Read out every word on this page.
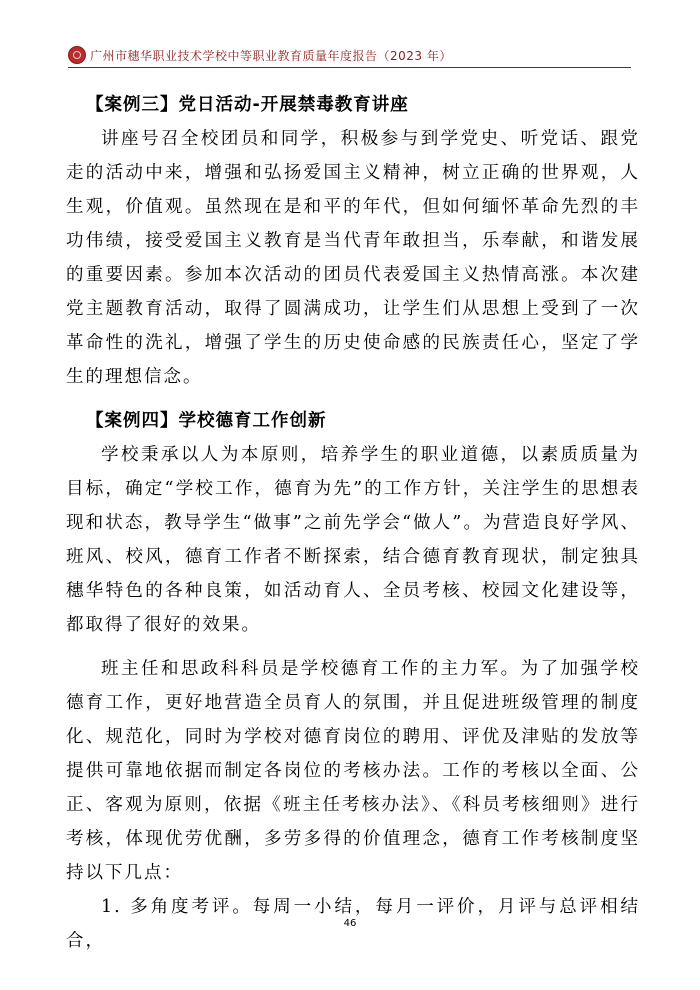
广州市穗华职业技术学校中等职业教育质量年度报告（2023 年）

【案例三】党日活动-开展禁毒教育讲座

讲座号召全校团员和同学，积极参与到学党史、听党话、跟党走的活动中来，增强和弘扬爱国主义精神，树立正确的世界观，人生观，价值观。虽然现在是和平的年代，但如何缅怀革命先烈的丰功伟绩，接受爱国主义教育是当代青年敢担当，乐奉献，和谐发展的重要因素。参加本次活动的团员代表爱国主义热情高涨。本次建党主题教育活动，取得了圆满成功，让学生们从思想上受到了一次革命性的洗礼，增强了学生的历史使命感的民族责任心，坚定了学生的理想信念。

【案例四】学校德育工作创新

学校秉承以人为本原则，培养学生的职业道德，以素质质量为目标，确定“学校工作，德育为先”的工作方针，关注学生的思想表现和状态，教导学生“做事”之前先学会“做人”。为营造良好学风、班风、校风，德育工作者不断探索，结合德育教育现状，制定独具穗华特色的各种良策，如活动育人、全员考核、校园文化建设等，都取得了很好的效果。

班主任和思政科科员是学校德育工作的主力军。为了加强学校德育工作，更好地营造全员育人的氛围，并且促进班级管理的制度化、规范化，同时为学校对德育岗位的聘用、评优及津贴的发放等提供可靠地依据而制定各岗位的考核办法。工作的考核以全面、公正、客观为原则，依据《班主任考核办法》、《科员考核细则》进行考核，体现优劳优酬，多劳多得的价值理念，德育工作考核制度坚持以下几点：

1. 多角度考评。每周一小结，每月一评价，月评与总评相结合，

46
